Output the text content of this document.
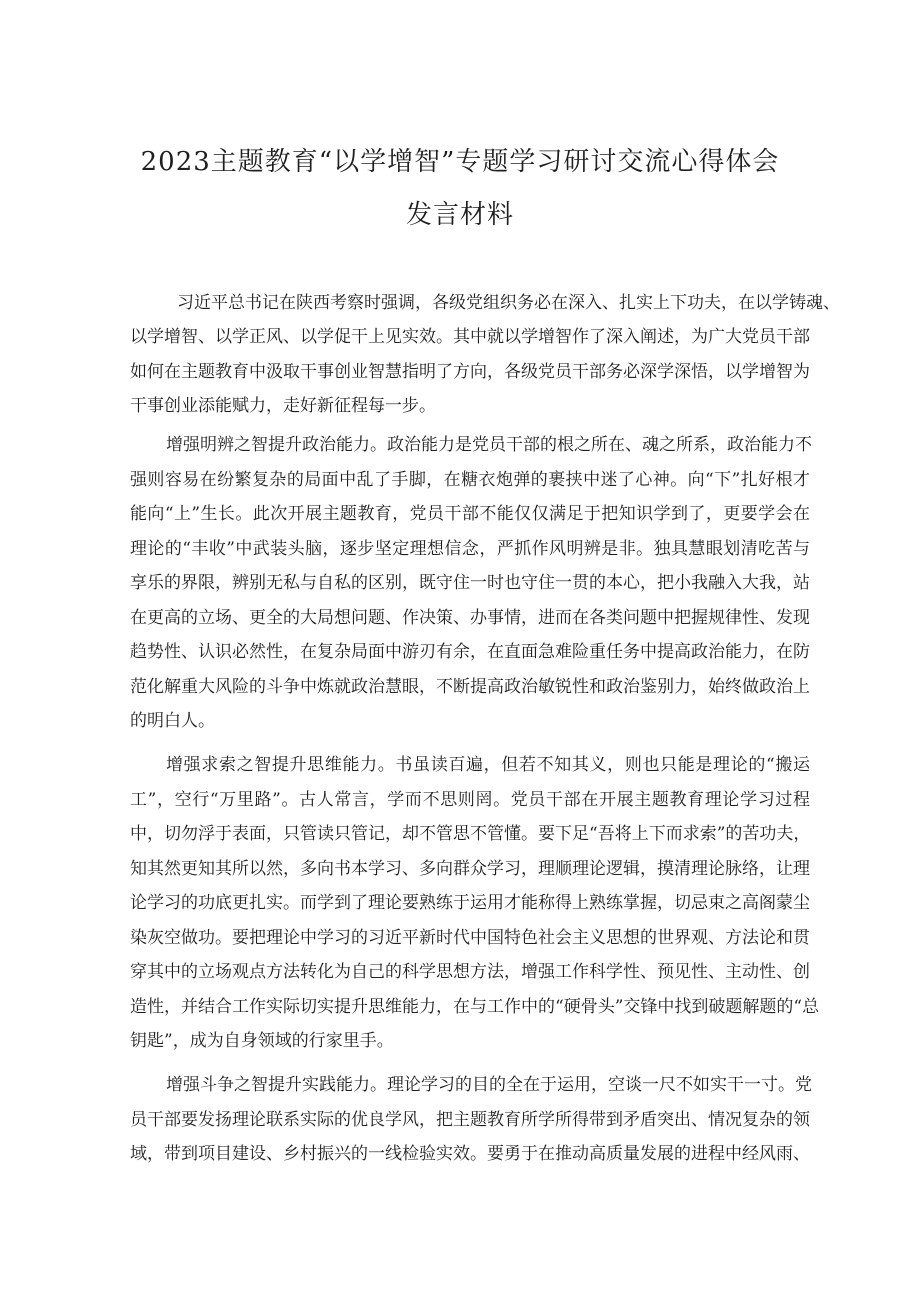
2023主题教育“以学增智”专题学习研讨交流心得体会
发言材料
习近平总书记在陕西考察时强调，各级党组织务必在深入、扎实上下功夫，在以学铸魂、
以学增智、以学正风、以学促干上见实效。其中就以学增智作了深入阐述，为广大党员干部
如何在主题教育中汲取干事创业智慧指明了方向，各级党员干部务必深学深悟，以学增智为
干事创业添能赋力，走好新征程每一步。
增强明辨之智提升政治能力。政治能力是党员干部的根之所在、魂之所系，政治能力不
强则容易在纷繁复杂的局面中乱了手脚，在糖衣炮弹的裹挟中迷了心神。向“下”扎好根才
能向“上”生长。此次开展主题教育，党员干部不能仅仅满足于把知识学到了，更要学会在
理论的“丰收”中武装头脑，逐步坚定理想信念，严抓作风明辨是非。独具慧眼划清吃苦与
享乐的界限，辨别无私与自私的区别，既守住一时也守住一贯的本心，把小我融入大我，站
在更高的立场、更全的大局想问题、作决策、办事情，进而在各类问题中把握规律性、发现
趋势性、认识必然性，在复杂局面中游刃有余，在直面急难险重任务中提高政治能力，在防
范化解重大风险的斗争中炼就政治慧眼，不断提高政治敏锐性和政治鉴别力，始终做政治上
的明白人。
增强求索之智提升思维能力。书虽读百遍，但若不知其义，则也只能是理论的“搬运
工”，空行“万里路”。古人常言，学而不思则罔。党员干部在开展主题教育理论学习过程
中，切勿浮于表面，只管读只管记，却不管思不管懂。要下足“吾将上下而求索”的苦功夫，
知其然更知其所以然，多向书本学习、多向群众学习，理顺理论逻辑，摸清理论脉络，让理
论学习的功底更扎实。而学到了理论要熟练于运用才能称得上熟练掌握，切忌束之高阁蒙尘
染灰空做功。要把理论中学习的习近平新时代中国特色社会主义思想的世界观、方法论和贯
穿其中的立场观点方法转化为自己的科学思想方法，增强工作科学性、预见性、主动性、创
造性，并结合工作实际切实提升思维能力，在与工作中的“硬骨头”交锋中找到破题解题的“总
钥匙”，成为自身领域的行家里手。
增强斗争之智提升实践能力。理论学习的目的全在于运用，空谈一尺不如实干一寸。党
员干部要发扬理论联系实际的优良学风，把主题教育所学所得带到矛盾突出、情况复杂的领
域，带到项目建设、乡村振兴的一线检验实效。要勇于在推动高质量发展的进程中经风雨、
